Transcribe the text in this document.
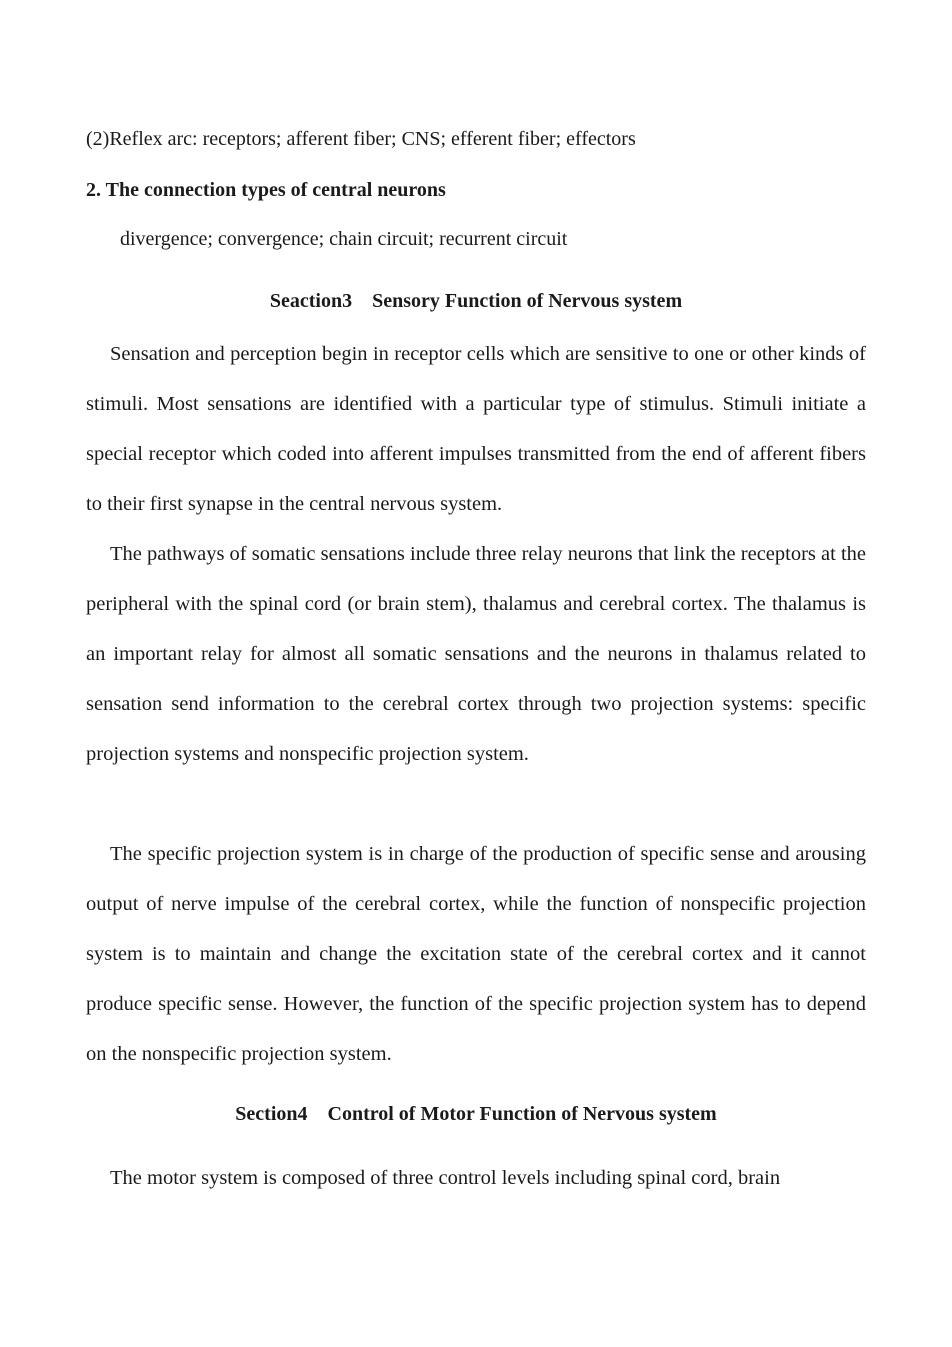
(2)Reflex arc: receptors; afferent fiber; CNS; efferent fiber; effectors
2. The connection types of central neurons
divergence; convergence; chain circuit; recurrent circuit
Seaction3    Sensory Function of Nervous system

Sensation and perception begin in receptor cells which are sensitive to one or other kinds of stimuli. Most sensations are identified with a particular type of stimulus. Stimuli initiate a special receptor which coded into afferent impulses transmitted from the end of afferent fibers to their first synapse in the central nervous system.

The pathways of somatic sensations include three relay neurons that link the receptors at the peripheral with the spinal cord (or brain stem), thalamus and cerebral cortex. The thalamus is an important relay for almost all somatic sensations and the neurons in thalamus related to sensation send information to the cerebral cortex through two projection systems: specific projection systems and nonspecific projection system.

The specific projection system is in charge of the production of specific sense and arousing output of nerve impulse of the cerebral cortex, while the function of nonspecific projection system is to maintain and change the excitation state of the cerebral cortex and it cannot produce specific sense. However, the function of the specific projection system has to depend on the nonspecific projection system.

Section4    Control of Motor Function of Nervous system

The motor system is composed of three control levels including spinal cord, brain
